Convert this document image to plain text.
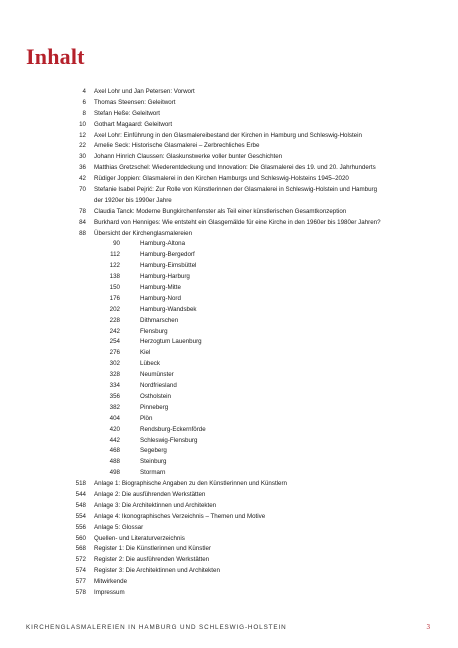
Inhalt
4 Axel Lohr und Jan Petersen: Vorwort
6 Thomas Steensen: Geleitwort
8 Stefan Heße: Geleitwort
10 Gothart Magaard: Geleitwort
12 Axel Lohr: Einführung in den Glasmalereibestand der Kirchen in Hamburg und Schleswig-Holstein
22 Amelie Seck: Historische Glasmalerei – Zerbrechliches Erbe
30 Johann Hinrich Claussen: Glaskunstwerke voller bunter Geschichten
36 Matthias Gretzschel: Wiederentdeckung und Innovation: Die Glasmalerei des 19. und 20. Jahrhunderts
42 Rüdiger Joppien: Glasmalerei in den Kirchen Hamburgs und Schleswig-Holsteins 1945–2020
70 Stefanie Isabel Pejrić: Zur Rolle von Künstlerinnen der Glasmalerei in Schleswig-Holstein und Hamburg
der 1920er bis 1990er Jahre
78 Claudia Tanck: Moderne Bungkirchenfenster als Teil einer künstlerischen Gesamtkonzeption
84 Burkhard von Henniges: Wie entsteht ein Glasgemälde für eine Kirche in den 1960er bis 1980er Jahren?
88 Übersicht der Kirchenglasmalereien
90	Hamburg-Altona
112	Hamburg-Bergedorf
122	Hamburg-Eimsbüttel
138	Hamburg-Harburg
150	Hamburg-Mitte
176	Hamburg-Nord
202	Hamburg-Wandsbek
228	Dithmarschen
242	Flensburg
254	Herzogtum Lauenburg
276	Kiel
302	Lübeck
328	Neumünster
334	Nordfriesland
356	Ostholstein
382	Pinneberg
404	Plön
420	Rendsburg-Eckernförde
442	Schleswig-Flensburg
468	Segeberg
488	Steinburg
498	Stormarn
518 Anlage 1: Biographische Angaben zu den Künstlerinnen und Künstlern
544 Anlage 2: Die ausführenden Werkstätten
548 Anlage 3: Die Architektinnen und Architekten
554 Anlage 4: Ikonographisches Verzeichnis – Themen und Motive
556 Anlage 5: Glossar
560 Quellen- und Literaturverzeichnis
568 Register 1: Die Künstlerinnen und Künstler
572 Register 2: Die ausführenden Werkstätten
574 Register 3: Die Architektinnen und Architekten
577 Mitwirkende
578 Impressum
KIRCHENGLASMALEREIEN IN HAMBURG UND SCHLESWIG-HOLSTEIN	3
